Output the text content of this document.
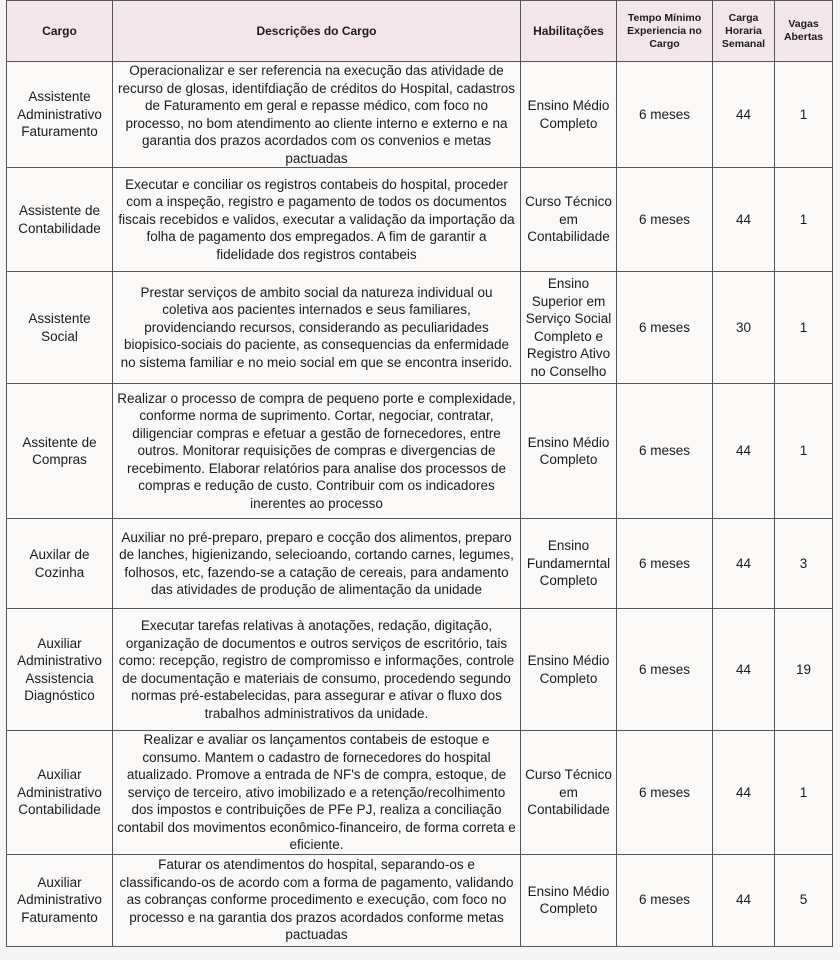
Cargo	Descrições do Cargo	Habilitações	Tempo Mínimo Experiencia no Cargo	Carga Horaria Semanal	Vagas Abertas
Assistente Administrativo Faturamento	Operacionalizar e ser referencia na execução das atividade de recurso de glosas, identifdiação de créditos do Hospital, cadastros de Faturamento em geral e repasse médico, com foco no processo, no bom atendimento ao cliente interno e externo e na garantia dos prazos acordados com os convenios e metas pactuadas	Ensino Médio Completo	6 meses	44	1
Assistente de Contabilidade	Executar e conciliar os registros contabeis do hospital, proceder com a inspeção, registro e pagamento de todos os documentos fiscais recebidos e validos, executar a validação da importação da folha de pagamento dos empregados. A fim de garantir a fidelidade dos registros contabeis	Curso Técnico em Contabilidade	6 meses	44	1
Assistente Social	Prestar serviços de ambito social da natureza individual ou coletiva aos pacientes internados e seus familiares, providenciando recursos, considerando as peculiaridades biopisico-sociais do paciente, as consequencias da enfermidade no sistema familiar e no meio social em que se encontra inserido.	Ensino Superior em Serviço Social Completo e Registro Ativo no Conselho	6 meses	30	1
Assitente de Compras	Realizar o processo de compra de pequeno porte e complexidade, conforme norma de suprimento. Cortar, negociar, contratar, diligenciar compras e efetuar a gestão de fornecedores, entre outros. Monitorar requisições de compras e divergencias de recebimento. Elaborar relatórios para analise dos processos de compras e redução de custo. Contribuir com os indicadores inerentes ao processo	Ensino Médio Completo	6 meses	44	1
Auxilar de Cozinha	Auxiliar no pré-preparo, preparo e cocção dos alimentos, preparo de lanches, higienizando, selecioando, cortando carnes, legumes, folhosos, etc, fazendo-se a catação de cereais, para andamento das atividades de produção de alimentação da unidade	Ensino Fundamerntal Completo	6 meses	44	3
Auxiliar Administrativo Assistencia Diagnóstico	Executar tarefas relativas à anotações, redação, digitação, organização de documentos e outros serviços de escritório, tais como: recepção, registro de compromisso e informações, controle de documentação e materiais de consumo, procedendo segundo normas pré-estabelecidas, para assegurar e ativar o fluxo dos trabalhos administrativos da unidade.	Ensino Médio Completo	6 meses	44	19
Auxiliar Administrativo Contabilidade	Realizar e avaliar os lançamentos contabeis de estoque e consumo. Mantem o cadastro de fornecedores do hospital atualizado. Promove a entrada de NF's de compra, estoque, de serviço de terceiro, ativo imobilizado e a retenção/recolhimento dos impostos e contribuições de PFe PJ, realiza a conciliação contabil dos movimentos econômico-financeiro, de forma correta e eficiente.	Curso Técnico em Contabilidade	6 meses	44	1
Auxiliar Administrativo Faturamento	Faturar os atendimentos do hospital, separando-os e classificando-os de acordo com a forma de pagamento, validando as cobranças conforme procedimento e execução, com foco no processo e na garantia dos prazos acordados conforme metas pactuadas	Ensino Médio Completo	6 meses	44	5
